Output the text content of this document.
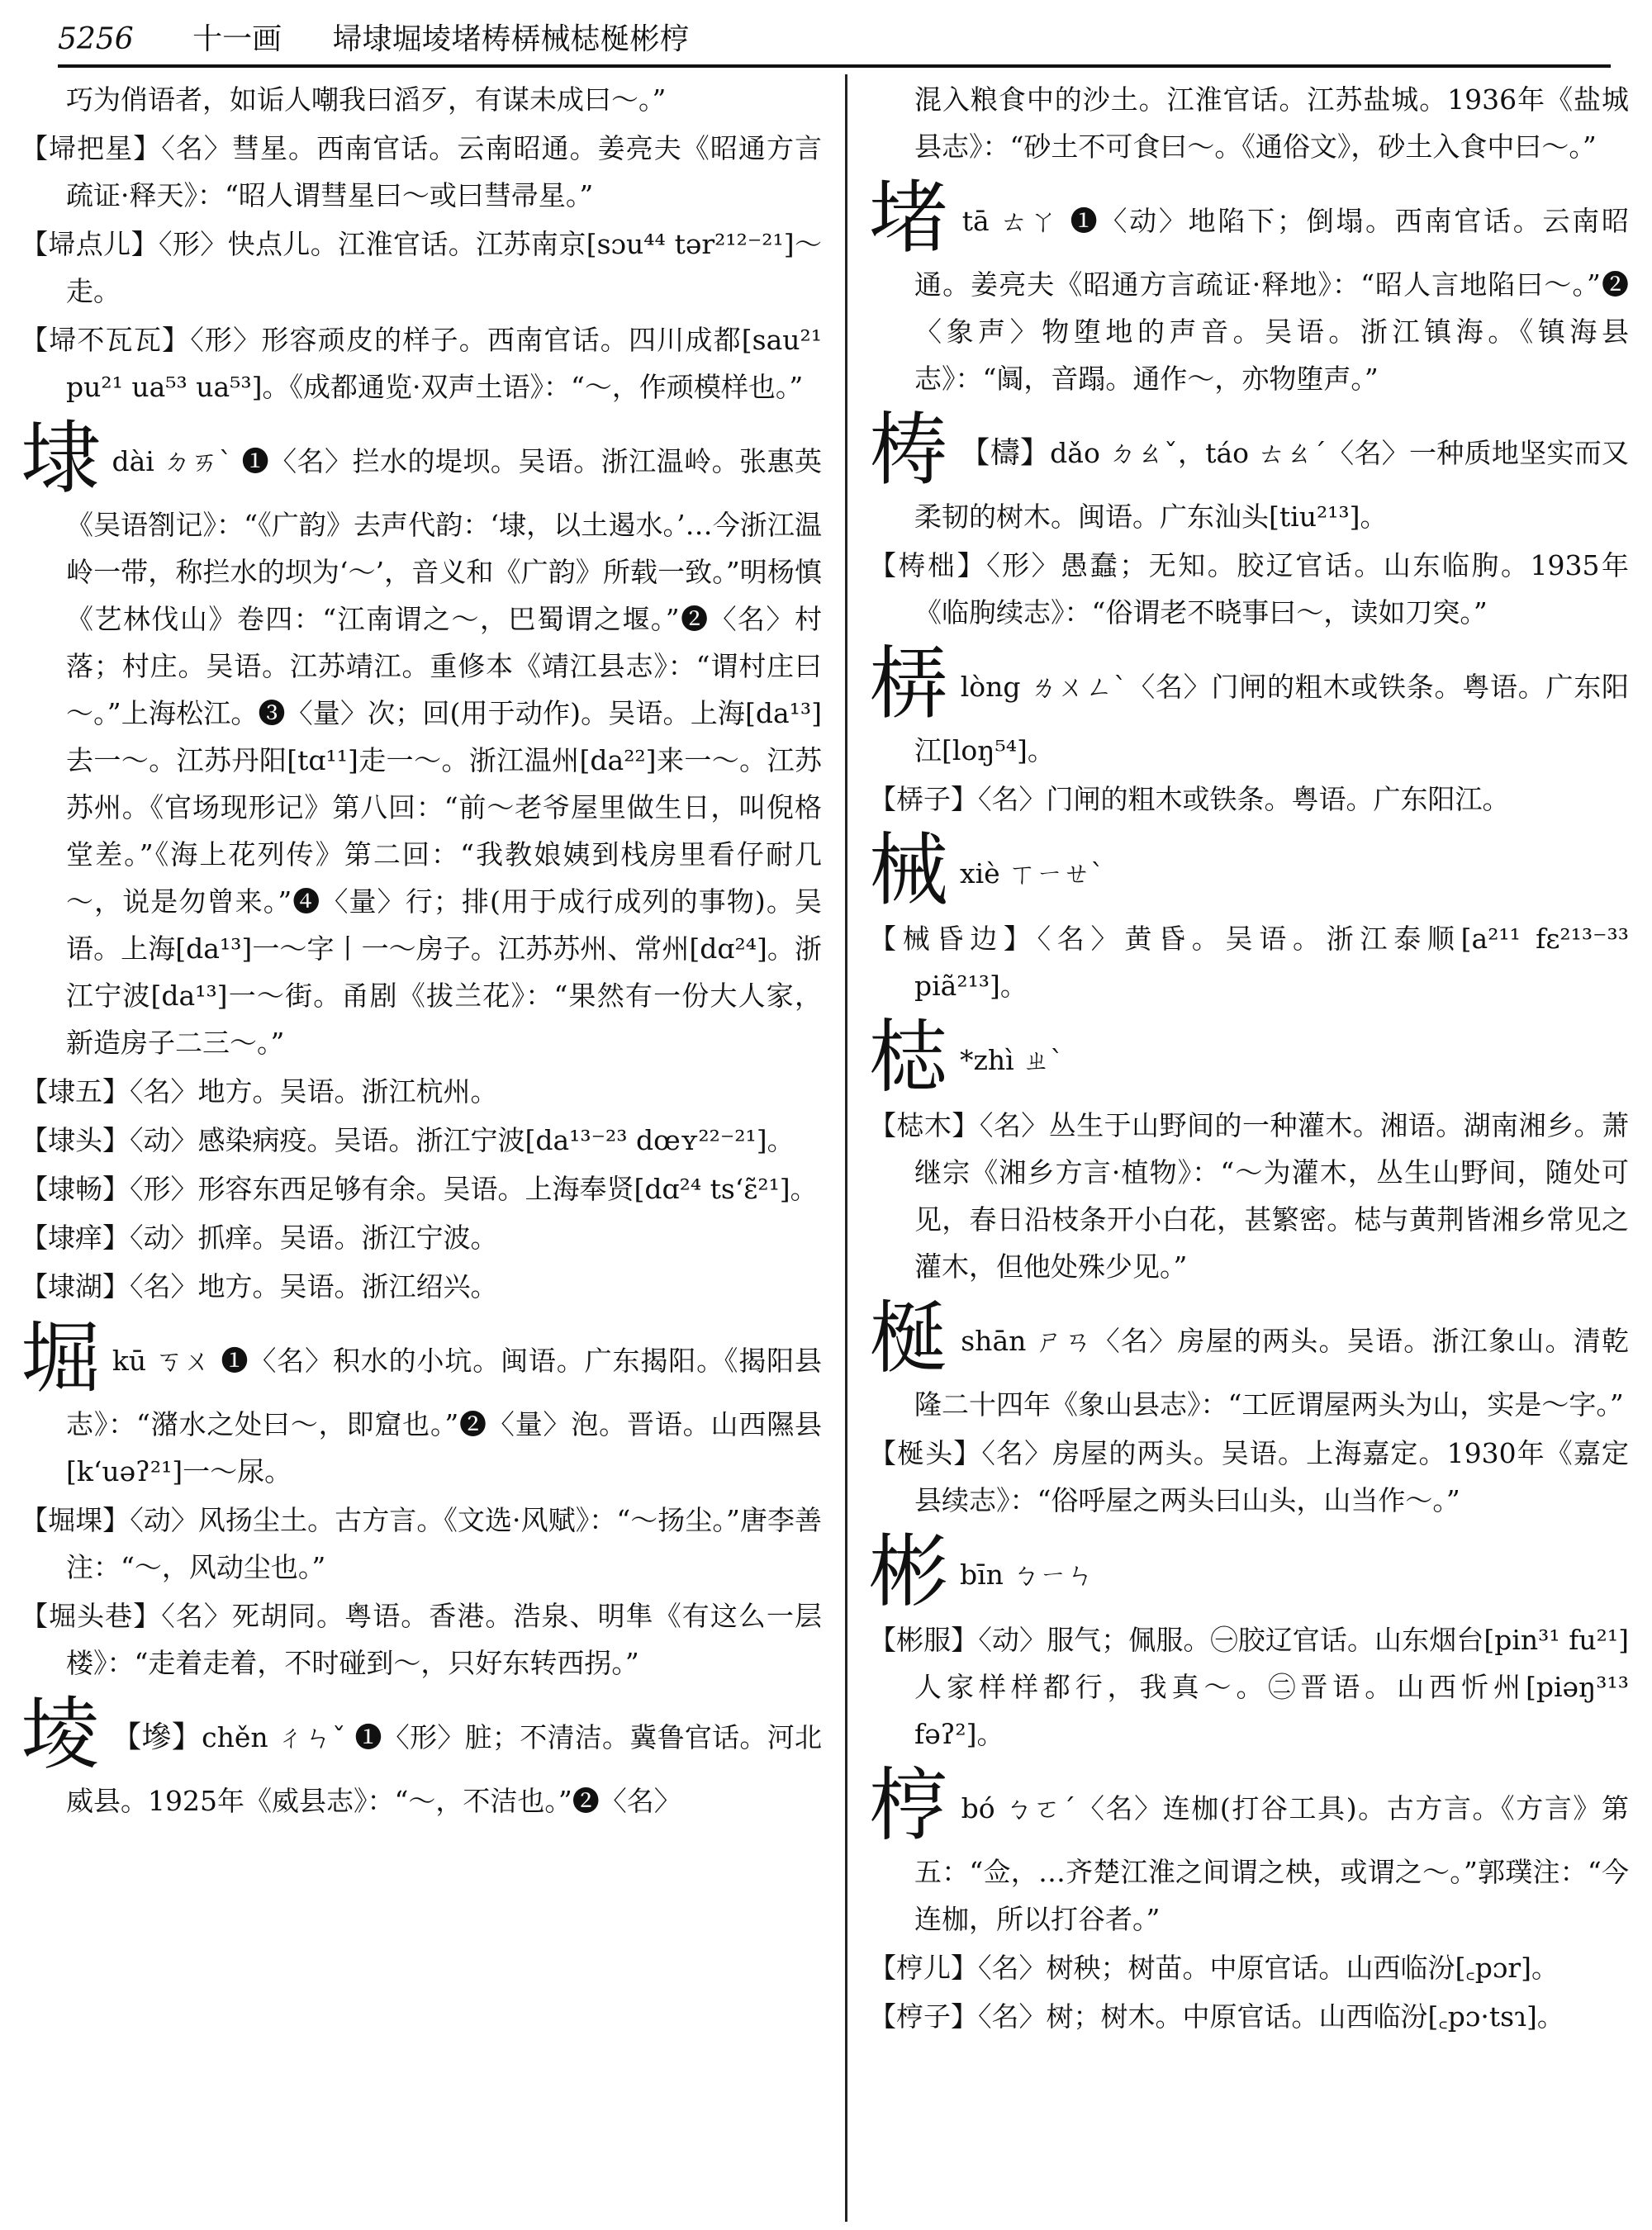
5256 十一画 埽埭堀堎堵梼梇械梽梴彬梈

巧为俏语者，如诟人嘲我曰滔歹，有谋未成曰～。”

【埽把星】〈名〉彗星。西南官话。云南昭通。姜亮夫《昭通方言疏证·释天》：“昭人谓彗星曰～或曰彗帚星。”

【埽点儿】〈形〉快点儿。江淮官话。江苏南京[sɔu⁴⁴ tər²¹²⁻²¹]～走。

【埽不瓦瓦】〈形〉形容顽皮的样子。西南官话。四川成都[sau²¹ pu²¹ ua⁵³ ua⁵³]。《成都通览·双声土语》：“～，作顽模样也。”

埭dài ㄉㄞˋ ❶〈名〉拦水的堤坝。吴语。浙江温岭。张惠英《吴语劄记》：“《广韵》去声代韵：‘埭，以土遏水。’…今浙江温岭一带，称拦水的坝为‘～’，音义和《广韵》所载一致。”明杨慎《艺林伐山》卷四：“江南谓之～，巴蜀谓之堰。”❷〈名〉村落；村庄。吴语。江苏靖江。重修本《靖江县志》：“谓村庄曰～。”上海松江。❸〈量〉次；回(用于动作)。吴语。上海[da¹³]去一～。江苏丹阳[tɑ¹¹]走一～。浙江温州[da²²]来一～。江苏苏州。《官场现形记》第八回：“前～老爷屋里做生日，叫倪格堂差。”《海上花列传》第二回：“我教娘姨到栈房里看仔耐几～，说是勿曾来。”❹〈量〉行；排(用于成行成列的事物)。吴语。上海[da¹³]一～字丨一～房子。江苏苏州、常州[dɑ²⁴]。浙江宁波[da¹³]一～街。甬剧《拔兰花》：“果然有一份大人家，新造房子二三～。”

【埭五】〈名〉地方。吴语。浙江杭州。

【埭头】〈动〉感染病疫。吴语。浙江宁波[da¹³⁻²³ dœʏ²²⁻²¹]。

【埭畅】〈形〉形容东西足够有余。吴语。上海奉贤[dɑ²⁴ ts‘ɛ̃²¹]。

【埭痒】〈动〉抓痒。吴语。浙江宁波。

【埭湖】〈名〉地方。吴语。浙江绍兴。

堀kū ㄎㄨ ❶〈名〉积水的小坑。闽语。广东揭阳。《揭阳县志》：“潴水之处曰～，即窟也。”❷〈量〉泡。晋语。山西隰县[k‘uəʔ²¹]一～尿。

【堀堁】〈动〉风扬尘土。古方言。《文选·风赋》：“～扬尘。”唐李善注：“～，风动尘也。”

【堀头巷】〈名〉死胡同。粤语。香港。浩泉、明隼《有这么一层楼》：“走着走着，不时碰到～，只好东转西拐。”

堎 【墋】chěn ㄔㄣˇ ❶〈形〉脏；不清洁。冀鲁官话。河北威县。1925年《威县志》：“～，不洁也。”❷〈名〉

混入粮食中的沙土。江淮官话。江苏盐城。1936年《盐城县志》：“砂土不可食曰～。《通俗文》，砂土入食中曰～。”

堵tā ㄊㄚ ❶〈动〉地陷下；倒塌。西南官话。云南昭通。姜亮夫《昭通方言疏证·释地》：“昭人言地陷曰～。”❷〈象声〉物堕地的声音。吴语。浙江镇海。《镇海县志》：“阘，音蹋。通作～，亦物堕声。”

梼 【檮】dǎo ㄉㄠˇ，táo ㄊㄠˊ〈名〉一种质地坚实而又柔韧的树木。闽语。广东汕头[tiu²¹³]。

【梼柮】〈形〉愚蠢；无知。胶辽官话。山东临朐。1935年《临朐续志》：“俗谓老不晓事曰～，读如刀突。”

梇lòng ㄌㄨㄥˋ〈名〉门闸的粗木或铁条。粤语。广东阳江[loŋ⁵⁴]。

【梇子】〈名〉门闸的粗木或铁条。粤语。广东阳江。

械xiè ㄒㄧㄝˋ

【械昏边】〈名〉黄昏。吴语。浙江泰顺[a²¹¹ fɛ²¹³⁻³³ piã²¹³]。

梽 *zhì ㄓˋ

【梽木】〈名〉丛生于山野间的一种灌木。湘语。湖南湘乡。萧继宗《湘乡方言·植物》：“～为灌木，丛生山野间，随处可见，春日沿枝条开小白花，甚繁密。梽与黄荆皆湘乡常见之灌木，但他处殊少见。”

梴shān ㄕㄢ〈名〉房屋的两头。吴语。浙江象山。清乾隆二十四年《象山县志》：“工匠谓屋两头为山，实是～字。”

【梴头】〈名〉房屋的两头。吴语。上海嘉定。1930年《嘉定县续志》：“俗呼屋之两头曰山头，山当作～。”

彬bīn ㄅㄧㄣ

【彬服】〈动〉服气；佩服。㊀胶辽官话。山东烟台[pin³¹ fu²¹]人家样样都行，我真～。㊁晋语。山西忻州[piəŋ³¹³ fəʔ²]。

梈bó ㄅㄛˊ〈名〉连枷(打谷工具)。古方言。《方言》第五：“佥，…齐楚江淮之间谓之柍，或谓之～。”郭璞注：“今连枷，所以打谷者。”

【梈儿】〈名〉树秧；树苗。中原官话。山西临汾[꜀pɔr]。

【梈子】〈名〉树；树木。中原官话。山西临汾[꜀pɔ·tsɿ]。
